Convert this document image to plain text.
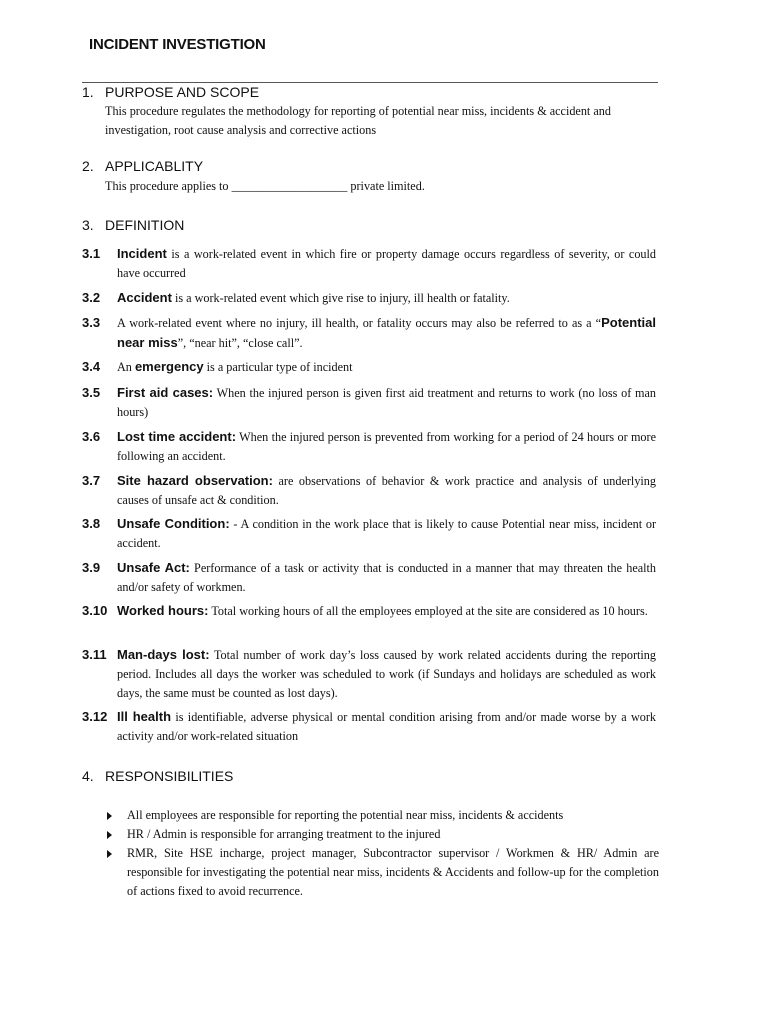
INCIDENT INVESTIGTION
1. PURPOSE AND SCOPE
This procedure regulates the methodology for reporting of potential near miss, incidents & accident and investigation, root cause analysis and corrective actions
2. APPLICABLITY
This procedure applies to ___________________ private limited.
3. DEFINITION
3.1 Incident is a work-related event in which fire or property damage occurs regardless of severity, or could have occurred
3.2 Accident is a work-related event which give rise to injury, ill health or fatality.
3.3 A work-related event where no injury, ill health, or fatality occurs may also be referred to as a “Potential near miss”, “near hit”, “close call”.
3.4 An emergency is a particular type of incident
3.5 First aid cases: When the injured person is given first aid treatment and returns to work (no loss of man hours)
3.6 Lost time accident: When the injured person is prevented from working for a period of 24 hours or more following an accident.
3.7 Site hazard observation: are observations of behavior & work practice and analysis of underlying causes of unsafe act & condition.
3.8 Unsafe Condition: - A condition in the work place that is likely to cause Potential near miss, incident or accident.
3.9 Unsafe Act: Performance of a task or activity that is conducted in a manner that may threaten the health and/or safety of workmen.
3.10 Worked hours: Total working hours of all the employees employed at the site are considered as 10 hours.
3.11 Man-days lost: Total number of work day’s loss caused by work related accidents during the reporting period. Includes all days the worker was scheduled to work (if Sundays and holidays are scheduled as work days, the same must be counted as lost days).
3.12 Ill health is identifiable, adverse physical or mental condition arising from and/or made worse by a work activity and/or work-related situation
4. RESPONSIBILITIES
All employees are responsible for reporting the potential near miss, incidents & accidents
HR / Admin is responsible for arranging treatment to the injured
RMR, Site HSE incharge, project manager, Subcontractor supervisor / Workmen & HR/ Admin are responsible for investigating the potential near miss, incidents & Accidents and follow-up for the completion of actions fixed to avoid recurrence.
